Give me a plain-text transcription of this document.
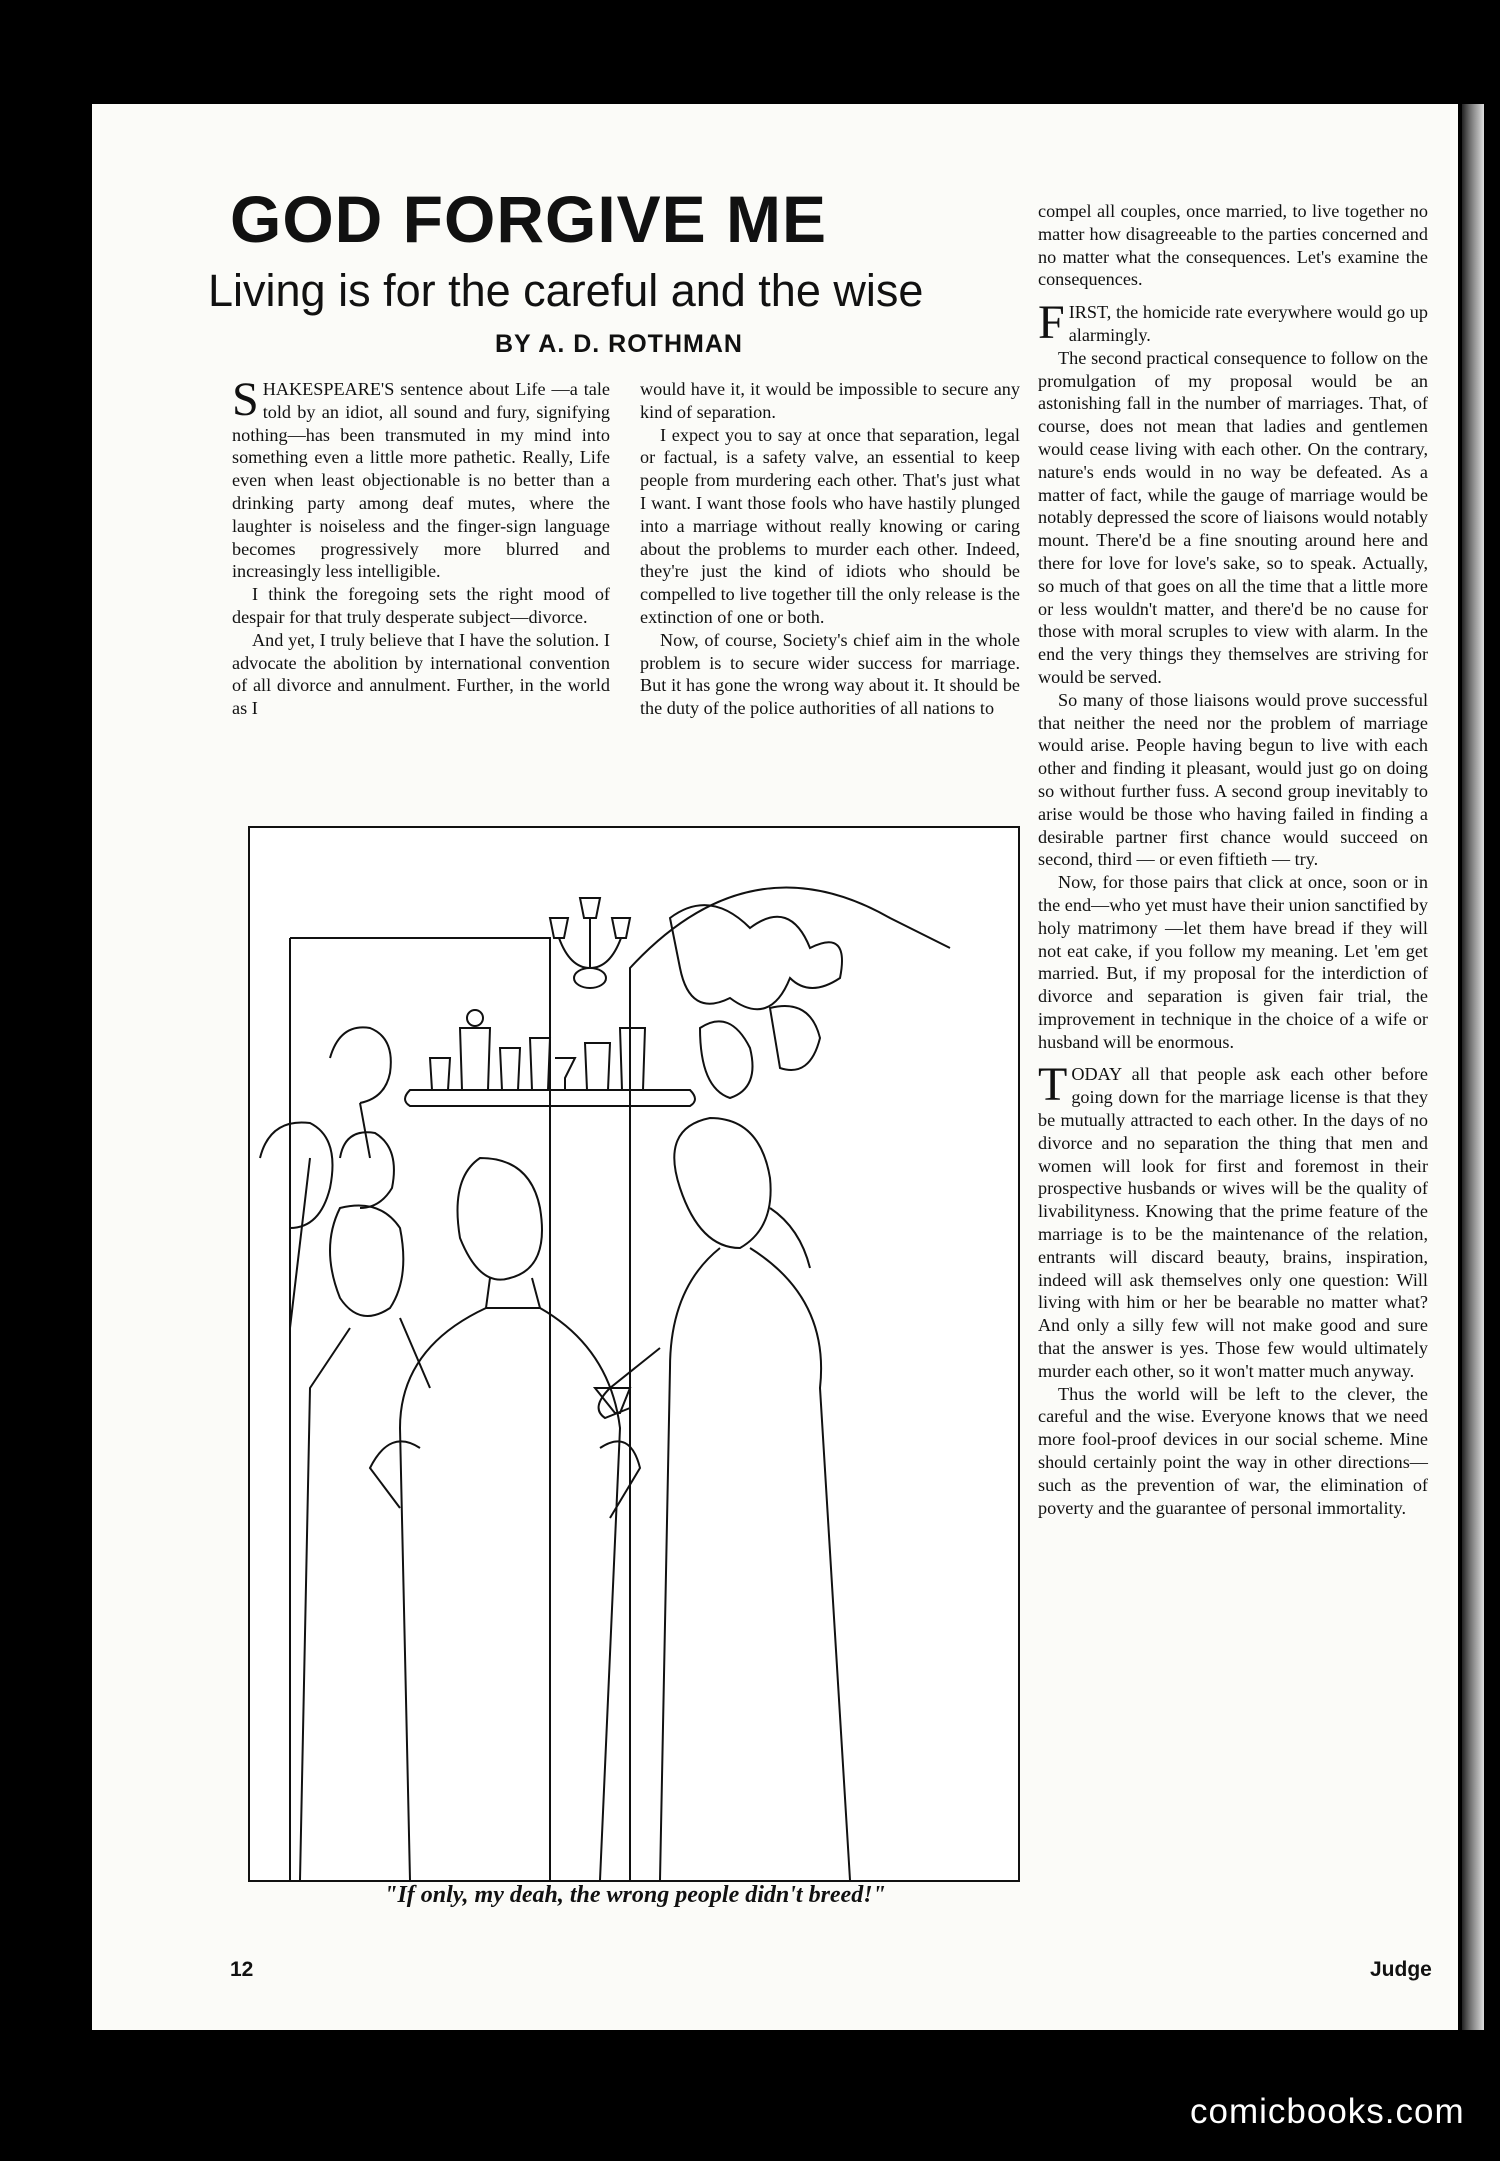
GOD FORGIVE ME
Living is for the careful and the wise
BY A. D. ROTHMAN

SHAKESPEARE'S sentence about Life —a tale told by an idiot, all sound and fury, signifying nothing—has been transmuted in my mind into something even a little more pathetic. Really, Life even when least objectionable is no better than a drinking party among deaf mutes, where the laughter is noiseless and the finger-sign language becomes progressively more blurred and increasingly less intelligible.

I think the foregoing sets the right mood of despair for that truly desperate subject—divorce.

And yet, I truly believe that I have the solution. I advocate the abolition by international convention of all divorce and annulment. Further, in the world as I

would have it, it would be impossible to secure any kind of separation.

I expect you to say at once that separation, legal or factual, is a safety valve, an essential to keep people from murdering each other. That's just what I want. I want those fools who have hastily plunged into a marriage without really knowing or caring about the problems to murder each other. Indeed, they're just the kind of idiots who should be compelled to live together till the only release is the extinction of one or both.

Now, of course, Society's chief aim in the whole problem is to secure wider success for marriage. But it has gone the wrong way about it. It should be the duty of the police authorities of all nations to

compel all couples, once married, to live together no matter how disagreeable to the parties concerned and no matter what the consequences. Let's examine the consequences.

FIRST, the homicide rate everywhere would go up alarmingly.

The second practical consequence to follow on the promulgation of my proposal would be an astonishing fall in the number of marriages. That, of course, does not mean that ladies and gentlemen would cease living with each other. On the contrary, nature's ends would in no way be defeated. As a matter of fact, while the gauge of marriage would be notably depressed the score of liaisons would notably mount. There'd be a fine snouting around here and there for love for love's sake, so to speak. Actually, so much of that goes on all the time that a little more or less wouldn't matter, and there'd be no cause for those with moral scruples to view with alarm. In the end the very things they themselves are striving for would be served.

So many of those liaisons would prove successful that neither the need nor the problem of marriage would arise. People having begun to live with each other and finding it pleasant, would just go on doing so without further fuss. A second group inevitably to arise would be those who having failed in finding a desirable partner first chance would succeed on second, third — or even fiftieth — try.

Now, for those pairs that click at once, soon or in the end—who yet must have their union sanctified by holy matrimony —let them have bread if they will not eat cake, if you follow my meaning. Let 'em get married. But, if my proposal for the interdiction of divorce and separation is given fair trial, the improvement in technique in the choice of a wife or husband will be enormous.

TODAY all that people ask each other before going down for the marriage license is that they be mutually attracted to each other. In the days of no divorce and no separation the thing that men and women will look for first and foremost in their prospective husbands or wives will be the quality of livabilityness. Knowing that the prime feature of the marriage is to be the maintenance of the relation, entrants will discard beauty, brains, inspiration, indeed will ask themselves only one question: Will living with him or her be bearable no matter what? And only a silly few will not make good and sure that the answer is yes. Those few would ultimately murder each other, so it won't matter much anyway.

Thus the world will be left to the clever, the careful and the wise. Everyone knows that we need more fool-proof devices in our social scheme. Mine should certainly point the way in other directions—such as the prevention of war, the elimination of poverty and the guarantee of personal immortality.

"If only, my deah, the wrong people didn't breed!"
12	Judge
comicbooks.com
